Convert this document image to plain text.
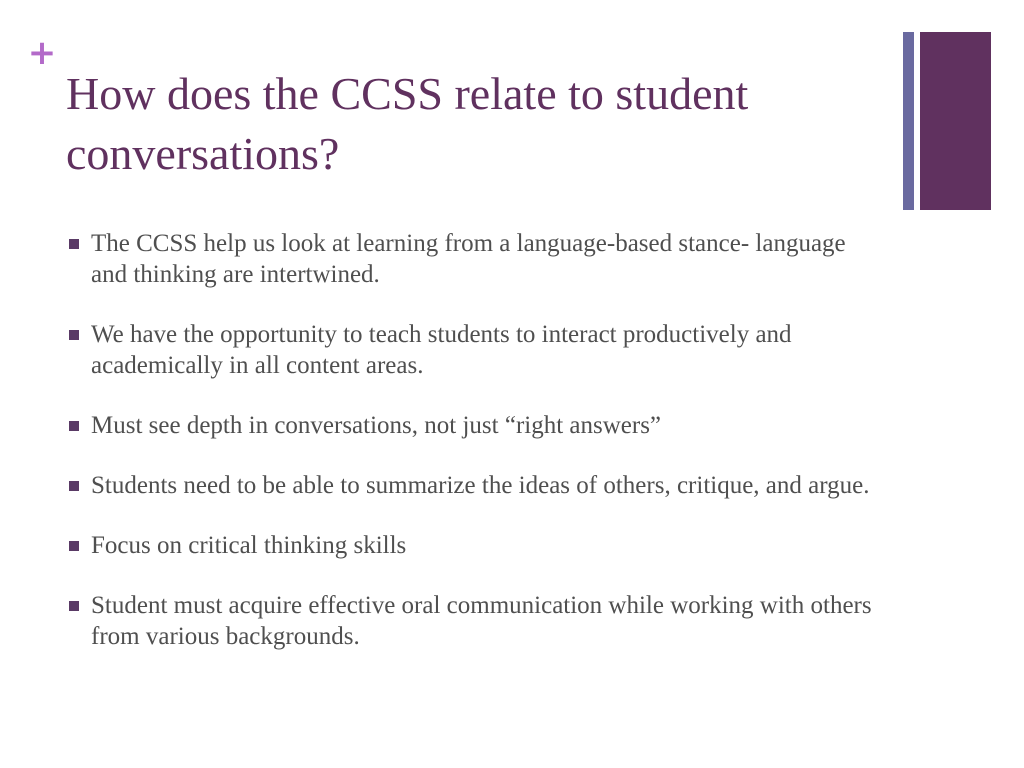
+
How does the CCSS relate to student conversations?
The CCSS help us look at learning from a language-based stance- language and thinking are intertwined.
We have the opportunity to teach students to interact productively and academically in all content areas.
Must see depth in conversations, not just “right answers”
Students need to be able to summarize the ideas of others, critique, and argue.
Focus on critical thinking skills
Student must acquire effective oral communication while working with others from various backgrounds.
